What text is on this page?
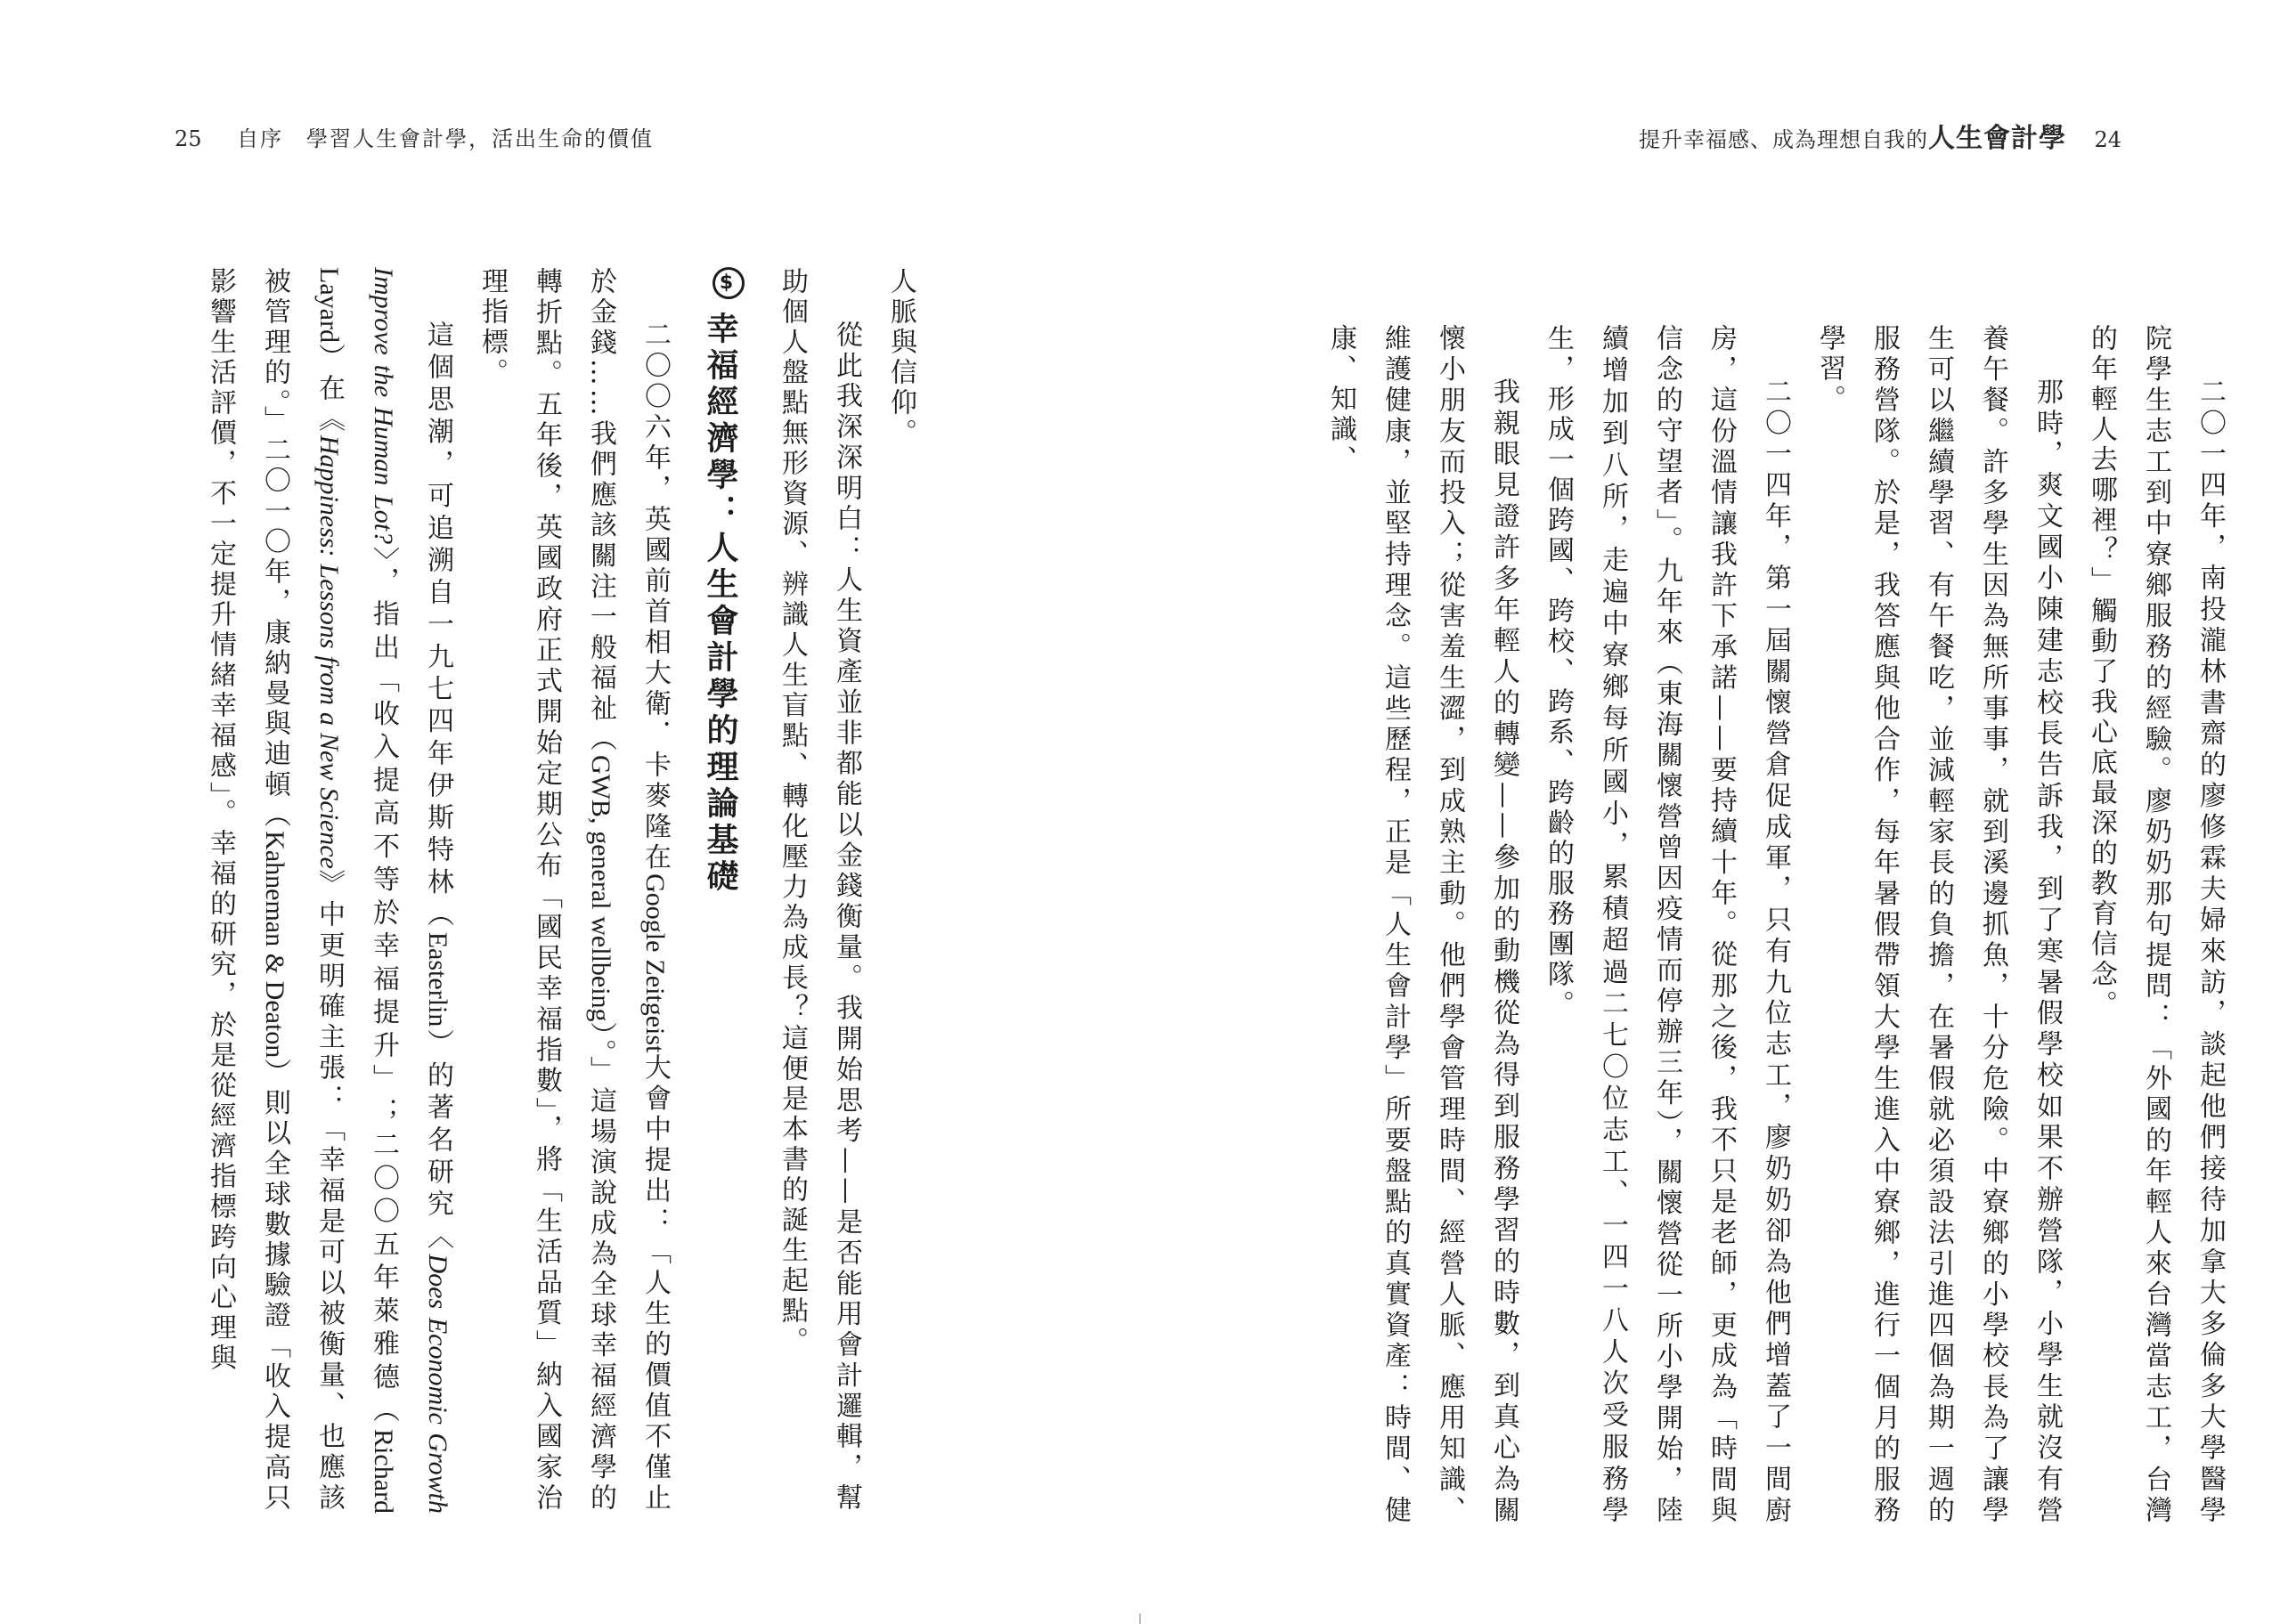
25 自序　學習人生會計學，活出生命的價值

人脈與信仰。

從此我深深明白：人生資產並非都能以金錢衡量。我開始思考——是否能用會計邏輯，幫助個人盤點無形資源、辨識人生盲點、轉化壓力為成長？這便是本書的誕生起點。

$幸福經濟學：人生會計學的理論基礎

二〇〇六年，英國前首相大衛．卡麥隆在Google Zeitgeist大會中提出：「人生的價值不僅止於金錢……我們應該關注一般福祉（GWB, general wellbeing）。」這場演說成為全球幸福經濟學的轉折點。五年後，英國政府正式開始定期公布「國民幸福指數」，將「生活品質」納入國家治理指標。

這個思潮，可追溯自一九七四年伊斯特林（Easterlin）的著名研究〈Does Economic Growth Improve the Human Lot?〉，指出「收入提高不等於幸福提升」；二〇〇五年萊雅德（Richard Layard）在《Happiness: Lessons from a New Science》中更明確主張：「幸福是可以被衡量、也應該被管理的。」二〇一〇年，康納曼與迪頓（Kahneman & Deaton）則以全球數據驗證「收入提高只影響生活評價，不一定提升情緒幸福感」。幸福的研究，於是從經濟指標跨向心理與

提升幸福感、成為理想自我的人生會計學 24

二〇一四年，南投瀧林書齋的廖修霖夫婦來訪，談起他們接待加拿大多倫多大學醫學院學生志工到中寮鄉服務的經驗。廖奶奶那句提問：「外國的年輕人來台灣當志工，台灣的年輕人去哪裡？」觸動了我心底最深的教育信念。

那時，爽文國小陳建志校長告訴我，到了寒暑假學校如果不辦營隊，小學生就沒有營養午餐。許多學生因為無所事事，就到溪邊抓魚，十分危險。中寮鄉的小學校長為了讓學生可以繼續學習、有午餐吃，並減輕家長的負擔，在暑假就必須設法引進四個為期一週的服務營隊。於是，我答應與他合作，每年暑假帶領大學生進入中寮鄉，進行一個月的服務學習。

二〇一四年，第一屆關懷營倉促成軍，只有九位志工，廖奶奶卻為他們增蓋了一間廚房，這份溫情讓我許下承諾——要持續十年。從那之後，我不只是老師，更成為「時間與信念的守望者」。九年來（東海關懷營曾因疫情而停辦三年），關懷營從一所小學開始，陸續增加到八所，走遍中寮鄉每所國小，累積超過二七〇位志工、一四一八人次受服務學生，形成一個跨國、跨校、跨系、跨齡的服務團隊。

我親眼見證許多年輕人的轉變——參加的動機從為得到服務學習的時數，到真心為關懷小朋友而投入；從害羞生澀，到成熟主動。他們學會管理時間、經營人脈、應用知識、維護健康，並堅持理念。這些歷程，正是「人生會計學」所要盤點的真實資產：時間、健康、知識、
